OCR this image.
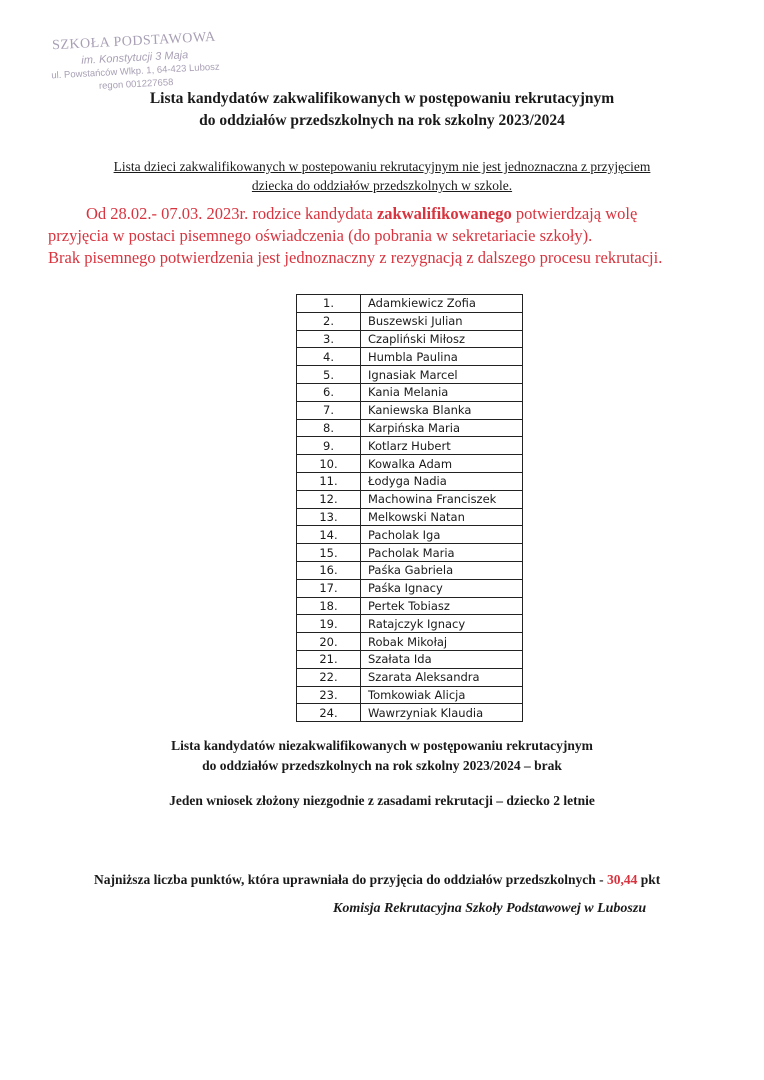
SZKOŁA PODSTAWOWA
im. Konstytucji 3 Maja
ul. Powstańców Wlkp. 1, 64-423 Lubosz
regon 001227658
Lista kandydatów zakwalifikowanych w postępowaniu rekrutacyjnym
do oddziałów przedszkolnych na rok szkolny 2023/2024
Lista dzieci zakwalifikowanych w postepowaniu rekrutacyjnym nie jest jednoznaczna z przyjęciem
dziecka do oddziałów przedszkolnych w szkole.
Od 28.02.- 07.03. 2023r. rodzice kandydata zakwalifikowanego potwierdzają wolę
przyjęcia w postaci pisemnego oświadczenia (do pobrania w sekretariacie szkoły).
Brak pisemnego potwierdzenia jest jednoznaczny z rezygnacją z dalszego procesu rekrutacji.
1.	Adamkiewicz Zofia
2.	Buszewski Julian
3.	Czapliński Miłosz
4.	Humbla Paulina
5.	Ignasiak Marcel
6.	Kania Melania
7.	Kaniewska Blanka
8.	Karpińska Maria
9.	Kotlarz Hubert
10.	Kowalka Adam
11.	Łodyga Nadia
12.	Machowina Franciszek
13.	Melkowski Natan
14.	Pacholak Iga
15.	Pacholak Maria
16.	Paśka Gabriela
17.	Paśka Ignacy
18.	Pertek Tobiasz
19.	Ratajczyk Ignacy
20.	Robak Mikołaj
21.	Szałata Ida
22.	Szarata Aleksandra
23.	Tomkowiak Alicja
24.	Wawrzyniak Klaudia
Lista kandydatów niezakwalifikowanych w postępowaniu rekrutacyjnym
do oddziałów przedszkolnych na rok szkolny 2023/2024 – brak
Jeden wniosek złożony niezgodnie z zasadami rekrutacji – dziecko 2 letnie
Najniższa liczba punktów, która uprawniała do przyjęcia do oddziałów przedszkolnych - 30,44 pkt
Komisja Rekrutacyjna Szkoły Podstawowej w Luboszu
